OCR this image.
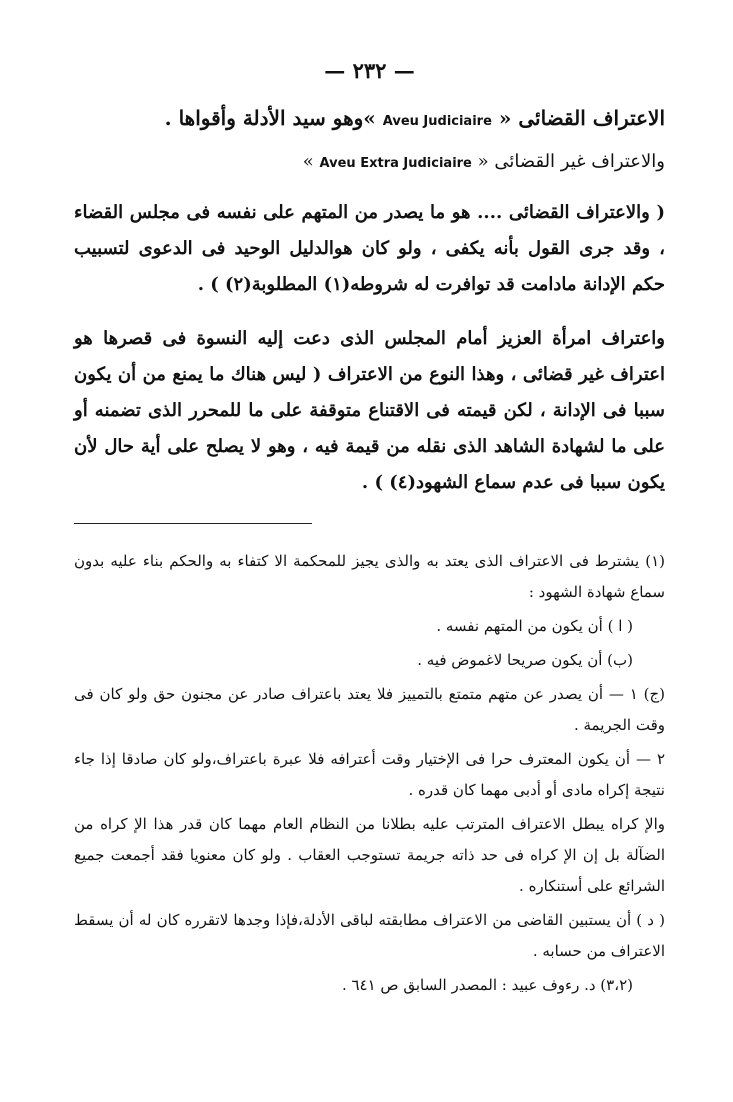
— ٢٣٢ —

الاعتراف القضائى « Aveu Judiciaire »وهو سيد الأدلة وأقواها .

والاعتراف غير القضائى « Aveu Extra Judiciaire »

( والاعتراف القضائى .... هو ما يصدر من المتهم على نفسه فى مجلس القضاء ، وقد جرى القول بأنه يكفى ، ولو كان هوالدليل الوحيد فى الدعوى لتسبيب حكم الإدانة مادامت قد توافرت له شروطه(١) المطلوبة(٢) ) .

واعتراف امرأة العزيز أمام المجلس الذى دعت إليه النسوة فى قصرها هو اعتراف غير قضائى ، وهذا النوع من الاعتراف ( ليس هناك ما يمنع من أن يكون سببا فى الإدانة ، لكن قيمته فى الاقتناع متوقفة على ما للمحرر الذى تضمنه أو على ما لشهادة الشاهد الذى نقله من قيمة فيه ، وهو لا يصلح على أية حال لأن يكون سببا فى عدم سماع الشهود(٤) ) .

(١) يشترط فى الاعتراف الذى يعتد به والذى يجيز للمحكمة الا كتفاء به والحكم بناء عليه بدون سماع شهادة الشهود :

( ا ) أن يكون من المتهم نفسه .

(ب) أن يكون صريحا لاغموض فيه .

(ج) ١ — أن يصدر عن متهم متمتع بالتمييز فلا يعتد باعتراف صادر عن مجنون حق ولو كان فى وقت الجريمة .

٢ — أن يكون المعترف حرا فى الإختيار وقت أعترافه فلا عبرة باعتراف،ولو كان صادقا إذا جاء نتيجة إكراه مادى أو أدبى مهما كان قدره .

والإ كراه يبطل الاعتراف المترتب عليه بطلانا من النظام العام مهما كان قدر هذا الإ كراه من الضآلة بل إن الإ كراه فى حد ذاته جريمة تستوجب العقاب . ولو كان معنويا فقد أجمعت جميع الشرائع على أستنكاره .

( د ) أن يستبين القاضى من الاعتراف مطابقته لباقى الأدلة،فإذا وجدها لاتقرره كان له أن يسقط الاعتراف من حسابه .

(٣،٢) د. رءوف عبيد : المصدر السابق ص ٦٤١ .
